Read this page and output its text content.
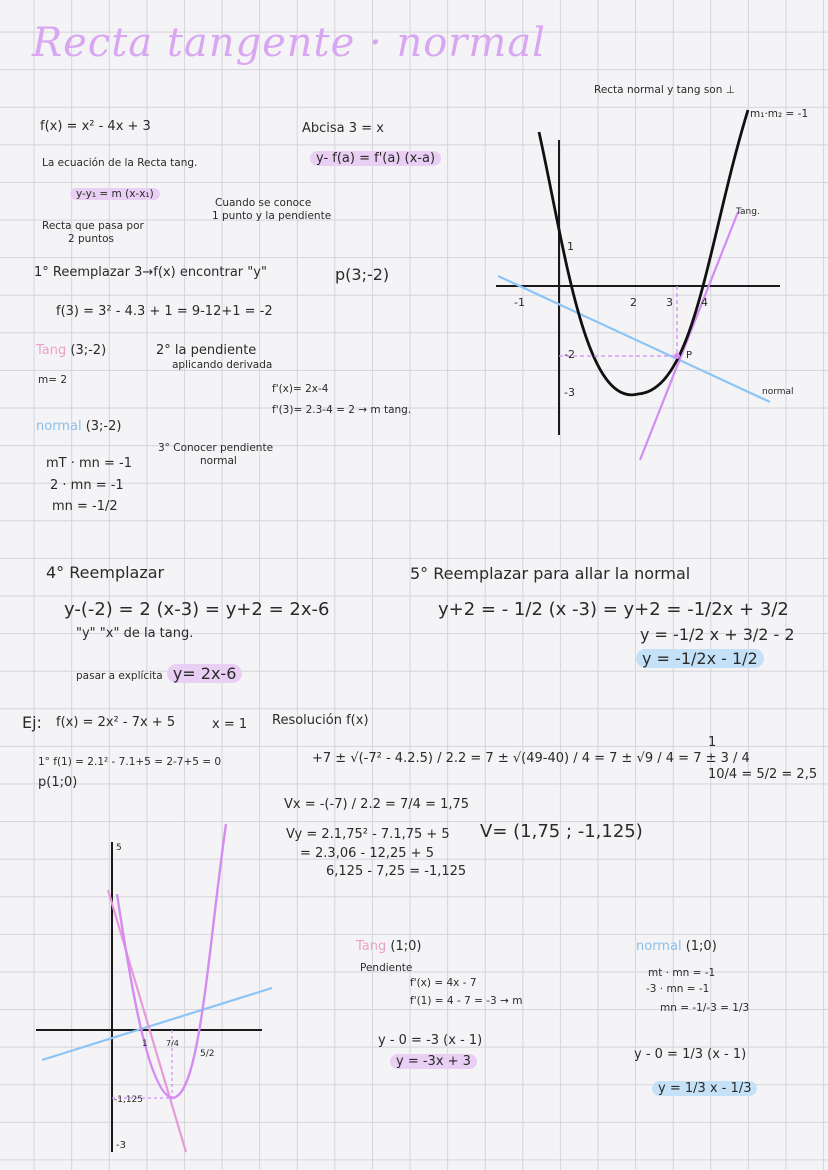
Recta tangente · normal
f(x) = x² - 4x + 3	Abcisa 3 = x
y- f(a) = f'(a) (x-a)
La ecuación de la Recta tang.
y-y₁ = m (x-x₁)
Cuando se conoce
1 punto y la pendiente
Recta que pasa por
2 puntos
1° Reemplazar 3→f(x) encontrar "y"	p(3;-2)
f(3) = 3² - 4.3 + 1 = 9-12+1 = -2
Tang (3;-2)	2° la pendiente
aplicando derivada
m= 2
f'(x)= 2x-4
f'(3)= 2.3-4 = 2 → m tang.
normal (3;-2)
3° Conocer pendiente
normal
mT · mn = -1
2 · mn = -1
mn = -1/2
Recta normal y tang son ⊥
m₁·m₂ = -1
-1	2	3	4
1
-2
-3
P
Tang.
normal
4° Reemplazar
y-(-2) = 2 (x-3) = y+2 = 2x-6
"y" "x" de la tang.
pasar a explícita y= 2x-6
5° Reemplazar para allar la normal
y+2 = - 1/2 (x -3) = y+2 = -1/2x + 3/2
y = -1/2 x + 3/2 - 2
y = -1/2x - 1/2
Ej: f(x) = 2x² - 7x + 5	x = 1 Resolución f(x)
1° f(1) = 2.1² - 7.1+5 = 2-7+5 = 0
p(1;0)
+7 ± √(-7² - 4.2.5) / 2.2 = 7 ± √(49-40) / 4 = 7 ± √9 / 4 = 7 ± 3 / 4
1
10/4 = 5/2 = 2,5
Vx = -(-7) / 2.2 = 7/4 = 1,75
Vy = 2.1,75² - 7.1,75 + 5
= 2.3,06 - 12,25 + 5
6,125 - 7,25 = -1,125
V= (1,75 ; -1,125)
5
1 7/4
5/2
-1,125
-3
Tang (1;0)
Pendiente
f'(x) = 4x - 7
f'(1) = 4 - 7 = -3 → m
y - 0 = -3 (x - 1)
y = -3x + 3
normal (1;0)
mt · mn = -1
-3 · mn = -1
mn = -1/-3 = 1/3
y - 0 = 1/3 (x - 1)
y = 1/3 x - 1/3
